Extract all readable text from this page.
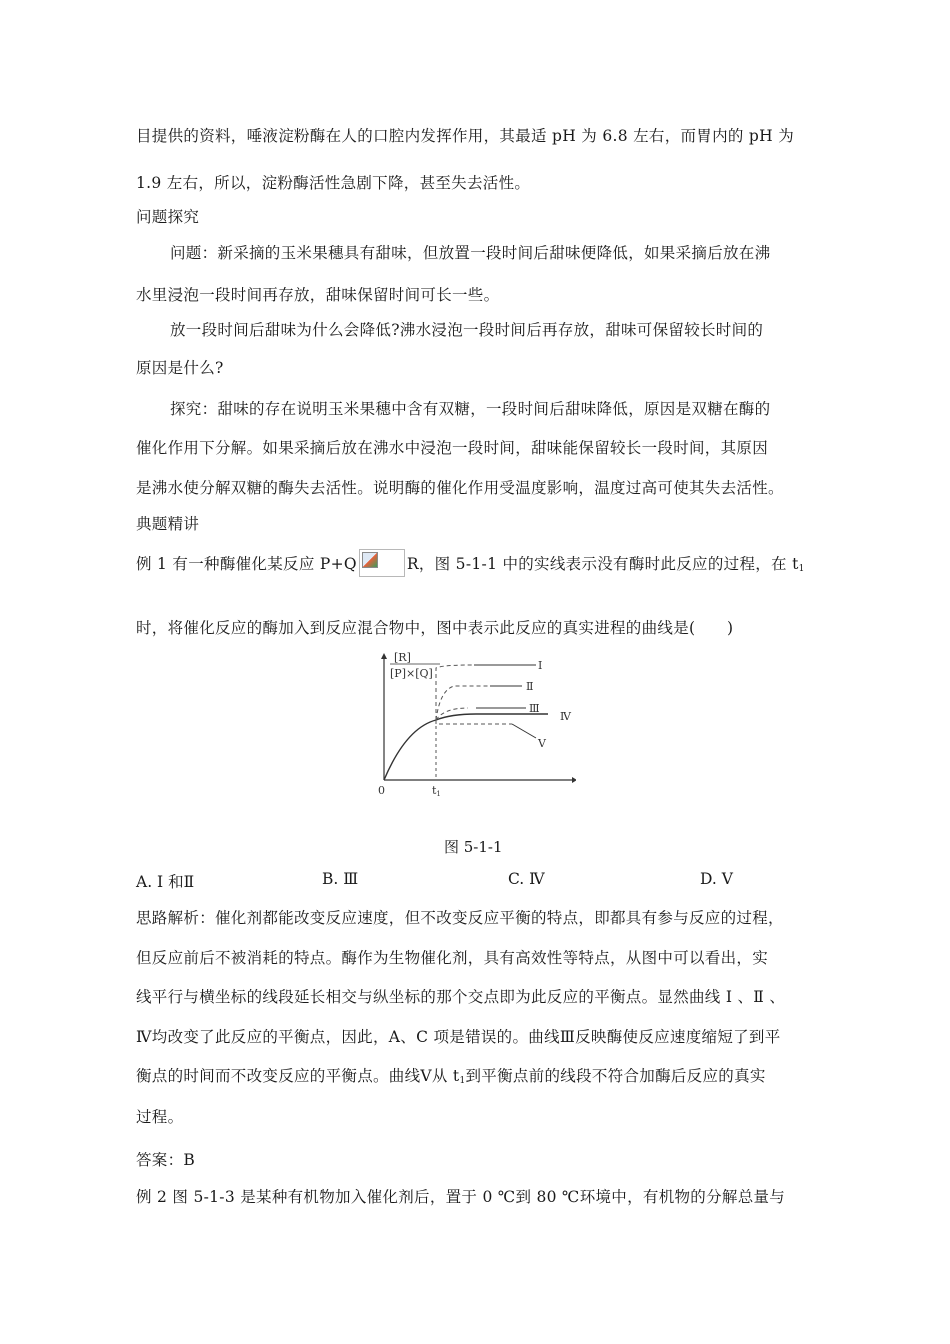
目提供的资料，唾液淀粉酶在人的口腔内发挥作用，其最适 pH 为 6.8 左右，而胃内的 pH 为
1.9 左右，所以，淀粉酶活性急剧下降，甚至失去活性。
问题探究
问题：新采摘的玉米果穗具有甜味，但放置一段时间后甜味便降低，如果采摘后放在沸
水里浸泡一段时间再存放，甜味保留时间可长一些。
放一段时间后甜味为什么会降低?沸水浸泡一段时间后再存放，甜味可保留较长时间的
原因是什么?
探究：甜味的存在说明玉米果穗中含有双糖，一段时间后甜味降低，原因是双糖在酶的
催化作用下分解。如果采摘后放在沸水中浸泡一段时间，甜味能保留较长一段时间，其原因
是沸水使分解双糖的酶失去活性。说明酶的催化作用受温度影响，温度过高可使其失去活性。
典题精讲
例 1 有一种酶催化某反应 P+Q	R，图 5-1-1 中的实线表示没有酶时此反应的过程，在 $t_1$
时，将催化反应的酶加入到反应混合物中，图中表示此反应的真实进程的曲线是(　　)
[R]
[P]×[Q]
Ⅰ
Ⅱ
Ⅲ
Ⅳ
Ⅴ
0	t1
图 5-1-1
A. Ⅰ 和Ⅱ	B. Ⅲ	C. Ⅳ	D. Ⅴ
思路解析：催化剂都能改变反应速度，但不改变反应平衡的特点，即都具有参与反应的过程，
但反应前后不被消耗的特点。酶作为生物催化剂，具有高效性等特点，从图中可以看出，实
线平行与横坐标的线段延长相交与纵坐标的那个交点即为此反应的平衡点。显然曲线 Ⅰ 、Ⅱ 、
Ⅳ均改变了此反应的平衡点，因此，A、C 项是错误的。曲线Ⅲ反映酶使反应速度缩短了到平
衡点的时间而不改变反应的平衡点。曲线Ⅴ从 $t_1$到平衡点前的线段不符合加酶后反应的真实
过程。
答案：B
例 2 图 5-1-3 是某种有机物加入催化剂后，置于 0 ℃到 80 ℃环境中，有机物的分解总量与
